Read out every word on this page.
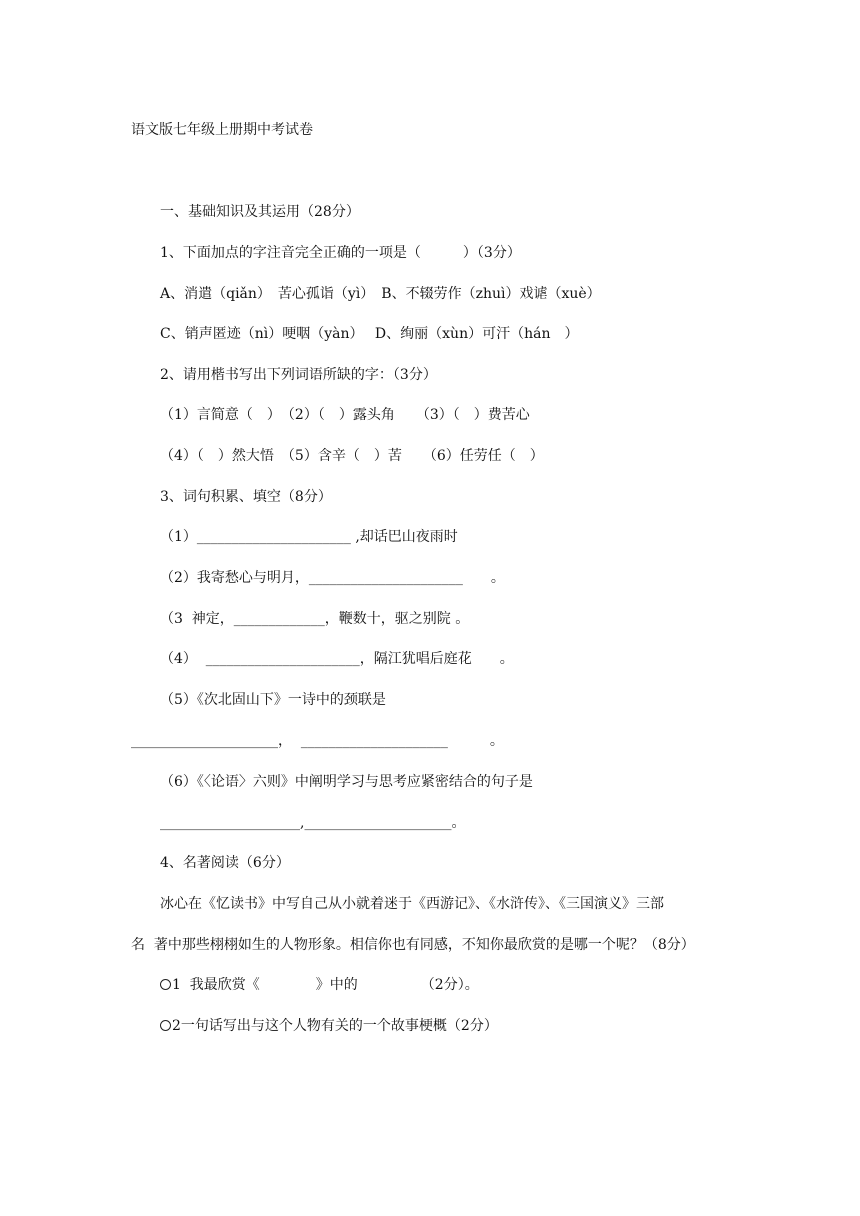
语文版七年级上册期中考试卷
一、基础知识及其运用（28分）
1、下面加点的字注音完全正确的一项是（　　　）（3分）
A、消遣（qiǎn）　苦心孤诣（yì）　B、不辍劳作（zhuì）戏谑（xuè）
C、销声匿迹（nì）哽咽（yàn）　 D、绚丽（xùn）可汗（hán　）
2、请用楷书写出下列词语所缺的字：（3分）
（1）言简意（　）　（2）（　）露头角　　（3）（　）费苦心
（4）（　）然大悟　（5）含辛（　）苦　　（6）任劳任（　）
3、词句积累、填空（8分）
（1）______________________ ,却话巴山夜雨时
（2）我寄愁心与明月，______________________　　。
（3  神定，_____________，鞭数十，驱之别院 。
（4）  ______________________，隔江犹唱后庭花　　。
（5）《次北固山下》一诗中的颈联是
_____________________，  _____________________　　　。
（6）《〈论语〉六则》中阐明学习与思考应紧密结合的句子是
____________________,_____________________。
4、名著阅读（6分）
冰心在《忆读书》中写自己从小就着迷于《西游记》、《水浒传》、《三国演义》三部
名  著中那些栩栩如生的人物形象。相信你也有同感，不知你最欣赏的是哪一个呢？（8分）
1  我最欣赏《　　　　》中的　　　　　（2分）。
2一句话写出与这个人物有关的一个故事梗概（2分）
